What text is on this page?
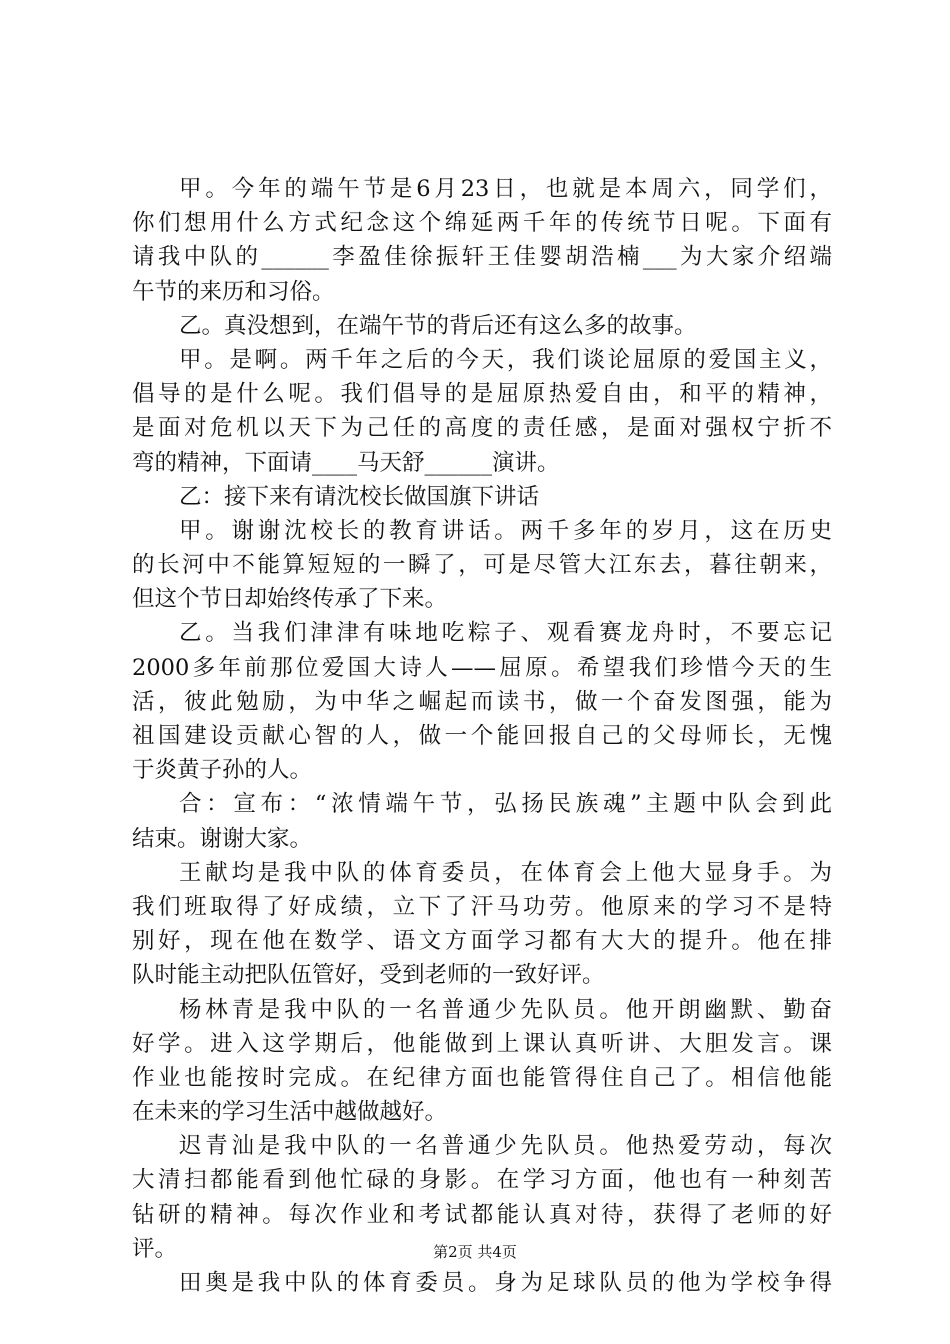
甲。今年的端午节是6月23日，也就是本周六，同学们，
你们想用什么方式纪念这个绵延两千年的传统节日呢。下面有
请我中队的______李盈佳徐振轩王佳婴胡浩楠___为大家介绍端
午节的来历和习俗。
乙。真没想到，在端午节的背后还有这么多的故事。
甲。是啊。两千年之后的今天，我们谈论屈原的爱国主义，
倡导的是什么呢。我们倡导的是屈原热爱自由，和平的精神，
是面对危机以天下为己任的高度的责任感，是面对强权宁折不
弯的精神，下面请____马天舒______演讲。
乙：接下来有请沈校长做国旗下讲话
甲。谢谢沈校长的教育讲话。两千多年的岁月，这在历史
的长河中不能算短短的一瞬了，可是尽管大江东去，暮往朝来，
但这个节日却始终传承了下来。
乙。当我们津津有味地吃粽子、观看赛龙舟时，不要忘记
2000多年前那位爱国大诗人——屈原。希望我们珍惜今天的生
活，彼此勉励，为中华之崛起而读书，做一个奋发图强，能为
祖国建设贡献心智的人，做一个能回报自己的父母师长，无愧
于炎黄子孙的人。
合：宣布：“浓情端午节，弘扬民族魂”主题中队会到此
结束。谢谢大家。
王献均是我中队的体育委员，在体育会上他大显身手。为
我们班取得了好成绩，立下了汗马功劳。他原来的学习不是特
别好，现在他在数学、语文方面学习都有大大的提升。他在排
队时能主动把队伍管好，受到老师的一致好评。
杨林青是我中队的一名普通少先队员。他开朗幽默、勤奋
好学。进入这学期后，他能做到上课认真听讲、大胆发言。课
作业也能按时完成。在纪律方面也能管得住自己了。相信他能
在未来的学习生活中越做越好。
迟青汕是我中队的一名普通少先队员。他热爱劳动，每次
大清扫都能看到他忙碌的身影。在学习方面，他也有一种刻苦
钻研的精神。每次作业和考试都能认真对待，获得了老师的好
评。
田奥是我中队的体育委员。身为足球队员的他为学校争得
第2页 共4页
